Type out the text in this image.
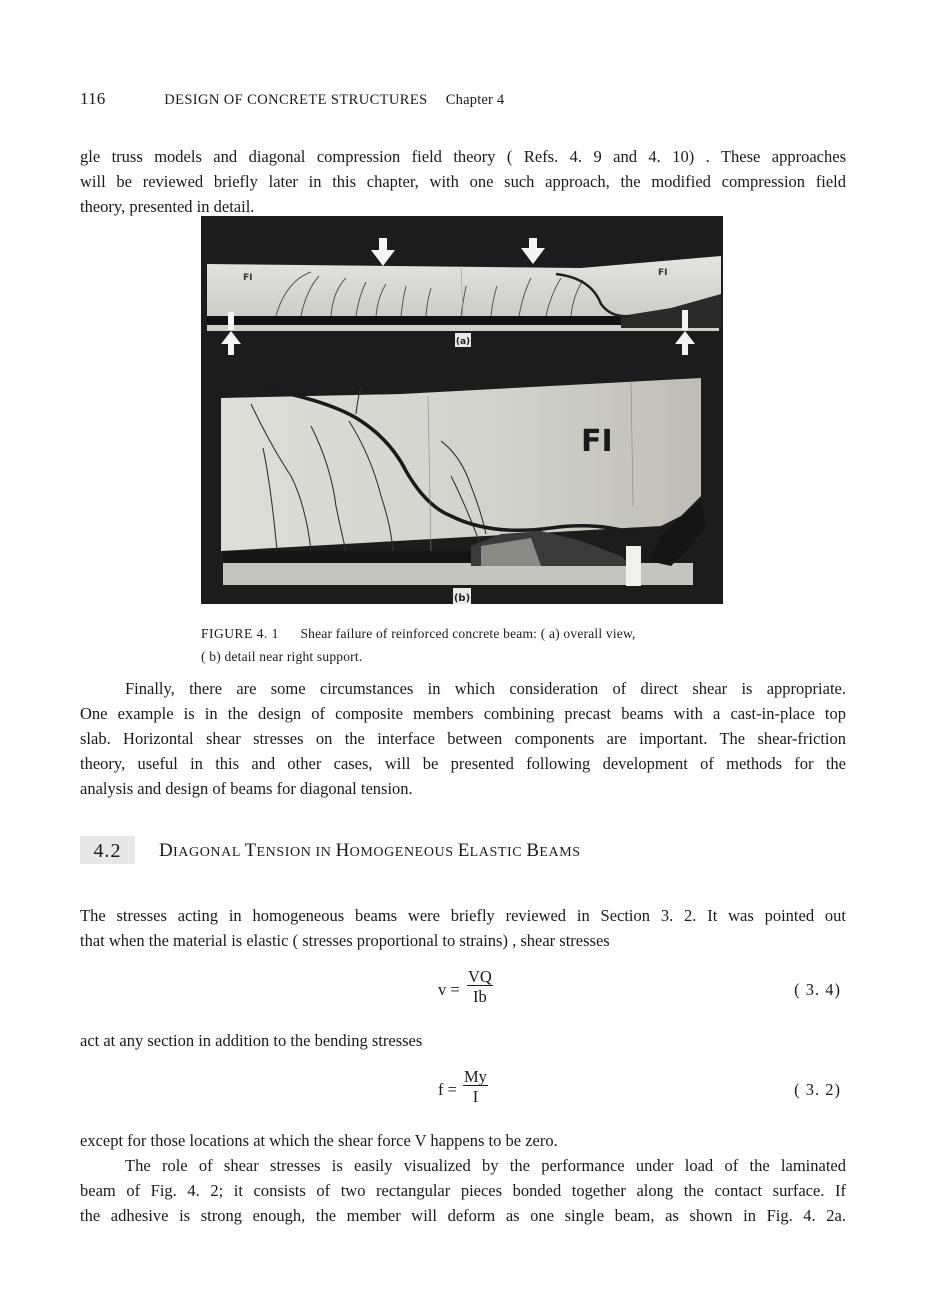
116	DESIGN OF CONCRETE STRUCTURES Chapter 4
gle truss models and diagonal compression field theory ( Refs. 4. 9 and 4. 10) . These approaches
will be reviewed briefly later in this chapter, with one such approach, the modified compression field
theory, presented in detail.
FI	FI
(a)
FI
(b)
FIGURE 4. 1 Shear failure of reinforced concrete beam: ( a) overall view,
( b) detail near right support.
Finally, there are some circumstances in which consideration of direct shear is appropriate.
One example is in the design of composite members combining precast beams with a cast-in-place top
slab. Horizontal shear stresses on the interface between components are important. The shear-friction
theory, useful in this and other cases, will be presented following development of methods for the
analysis and design of beams for diagonal tension.
4.2	DIAGONAL TENSION IN HOMOGENEOUS ELASTIC BEAMS
The stresses acting in homogeneous beams were briefly reviewed in Section 3. 2. It was pointed out
that when the material is elastic ( stresses proportional to strains) , shear stresses
$v = \frac{VQ}{Ib}$	( 3. 4)
act at any section in addition to the bending stresses
$f = \frac{My}{I}$	( 3. 2)
except for those locations at which the shear force V happens to be zero.
The role of shear stresses is easily visualized by the performance under load of the laminated
beam of Fig. 4. 2; it consists of two rectangular pieces bonded together along the contact surface. If
the adhesive is strong enough, the member will deform as one single beam, as shown in Fig. 4. 2a.
